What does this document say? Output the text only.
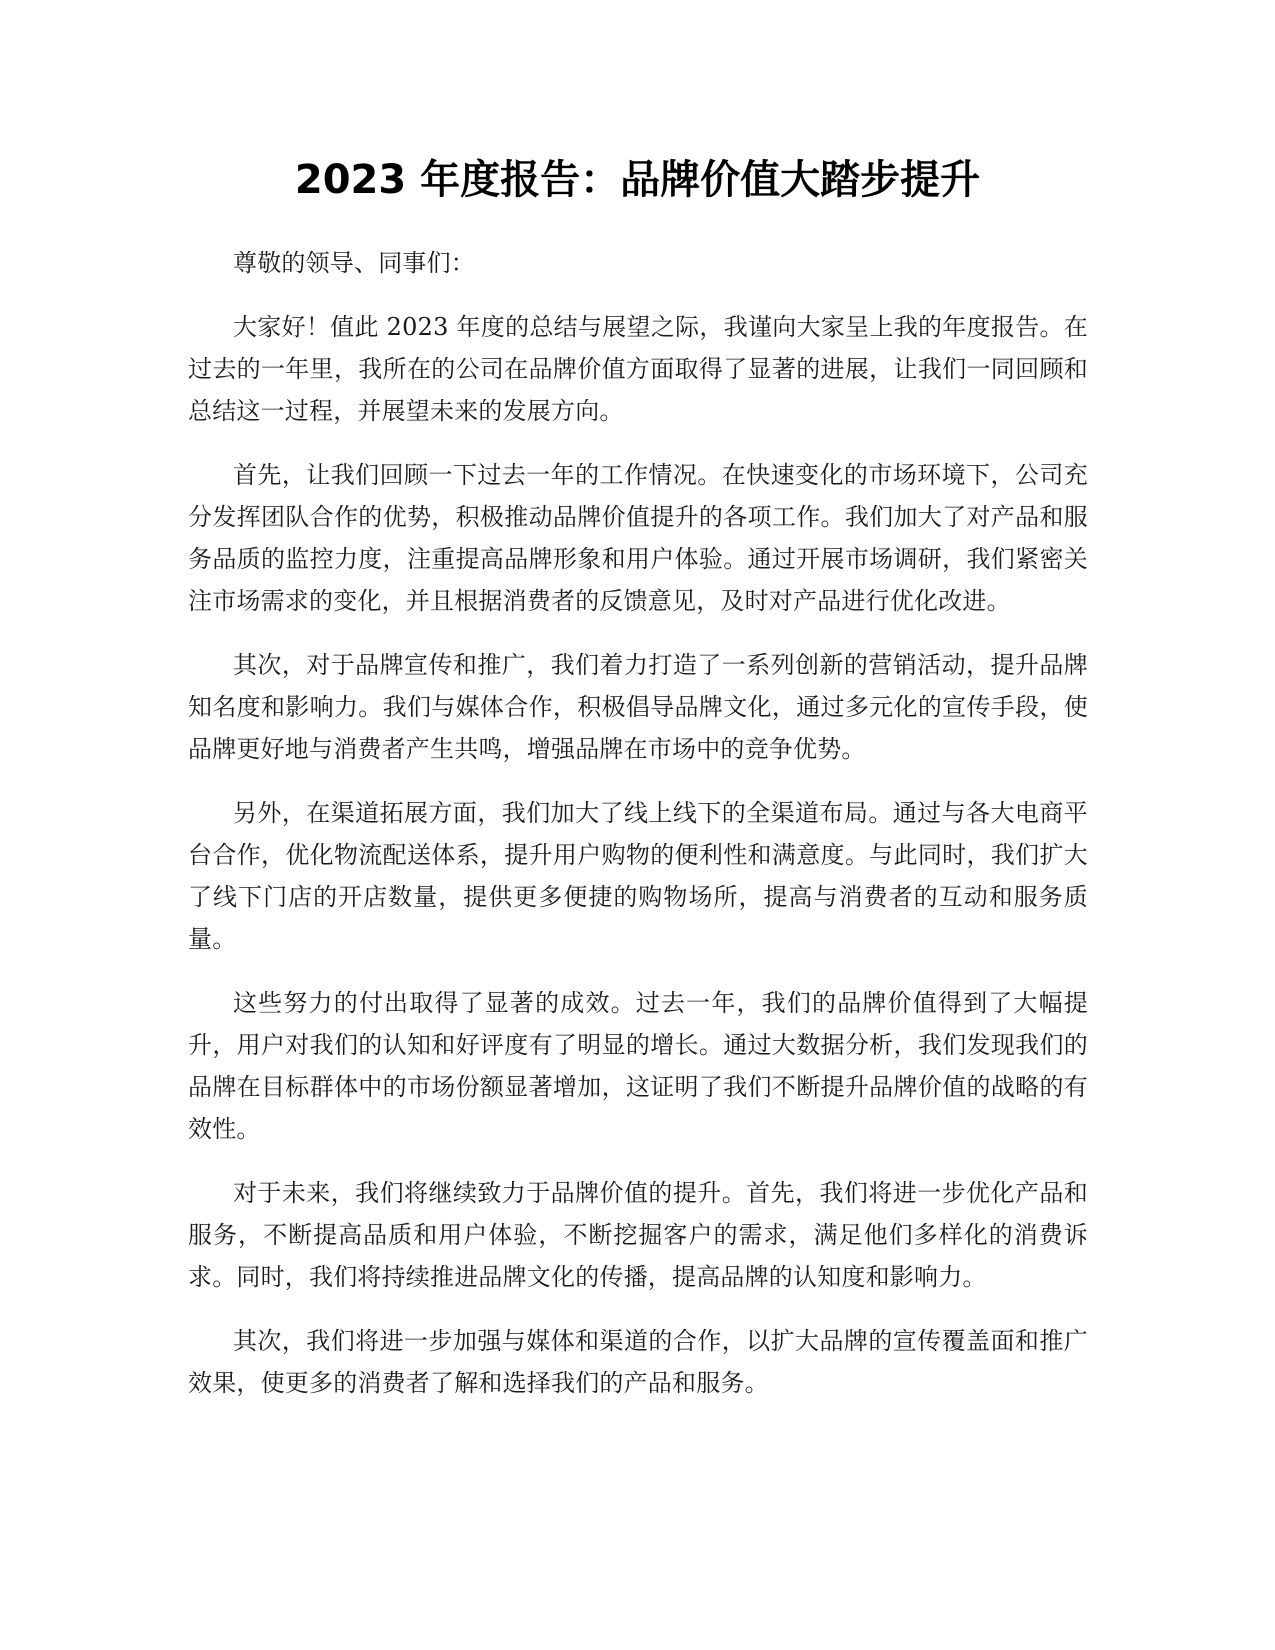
2023 年度报告：品牌价值大踏步提升

尊敬的领导、同事们：

大家好！值此 2023 年度的总结与展望之际，我谨向大家呈上我的年度报告。在过去的一年里，我所在的公司在品牌价值方面取得了显著的进展，让我们一同回顾和总结这一过程，并展望未来的发展方向。

首先，让我们回顾一下过去一年的工作情况。在快速变化的市场环境下，公司充分发挥团队合作的优势，积极推动品牌价值提升的各项工作。我们加大了对产品和服务品质的监控力度，注重提高品牌形象和用户体验。通过开展市场调研，我们紧密关注市场需求的变化，并且根据消费者的反馈意见，及时对产品进行优化改进。

其次，对于品牌宣传和推广，我们着力打造了一系列创新的营销活动，提升品牌知名度和影响力。我们与媒体合作，积极倡导品牌文化，通过多元化的宣传手段，使品牌更好地与消费者产生共鸣，增强品牌在市场中的竞争优势。

另外，在渠道拓展方面，我们加大了线上线下的全渠道布局。通过与各大电商平台合作，优化物流配送体系，提升用户购物的便利性和满意度。与此同时，我们扩大了线下门店的开店数量，提供更多便捷的购物场所，提高与消费者的互动和服务质量。

这些努力的付出取得了显著的成效。过去一年，我们的品牌价值得到了大幅提升，用户对我们的认知和好评度有了明显的增长。通过大数据分析，我们发现我们的品牌在目标群体中的市场份额显著增加，这证明了我们不断提升品牌价值的战略的有效性。

对于未来，我们将继续致力于品牌价值的提升。首先，我们将进一步优化产品和服务，不断提高品质和用户体验，不断挖掘客户的需求，满足他们多样化的消费诉求。同时，我们将持续推进品牌文化的传播，提高品牌的认知度和影响力。

其次，我们将进一步加强与媒体和渠道的合作，以扩大品牌的宣传覆盖面和推广效果，使更多的消费者了解和选择我们的产品和服务。
